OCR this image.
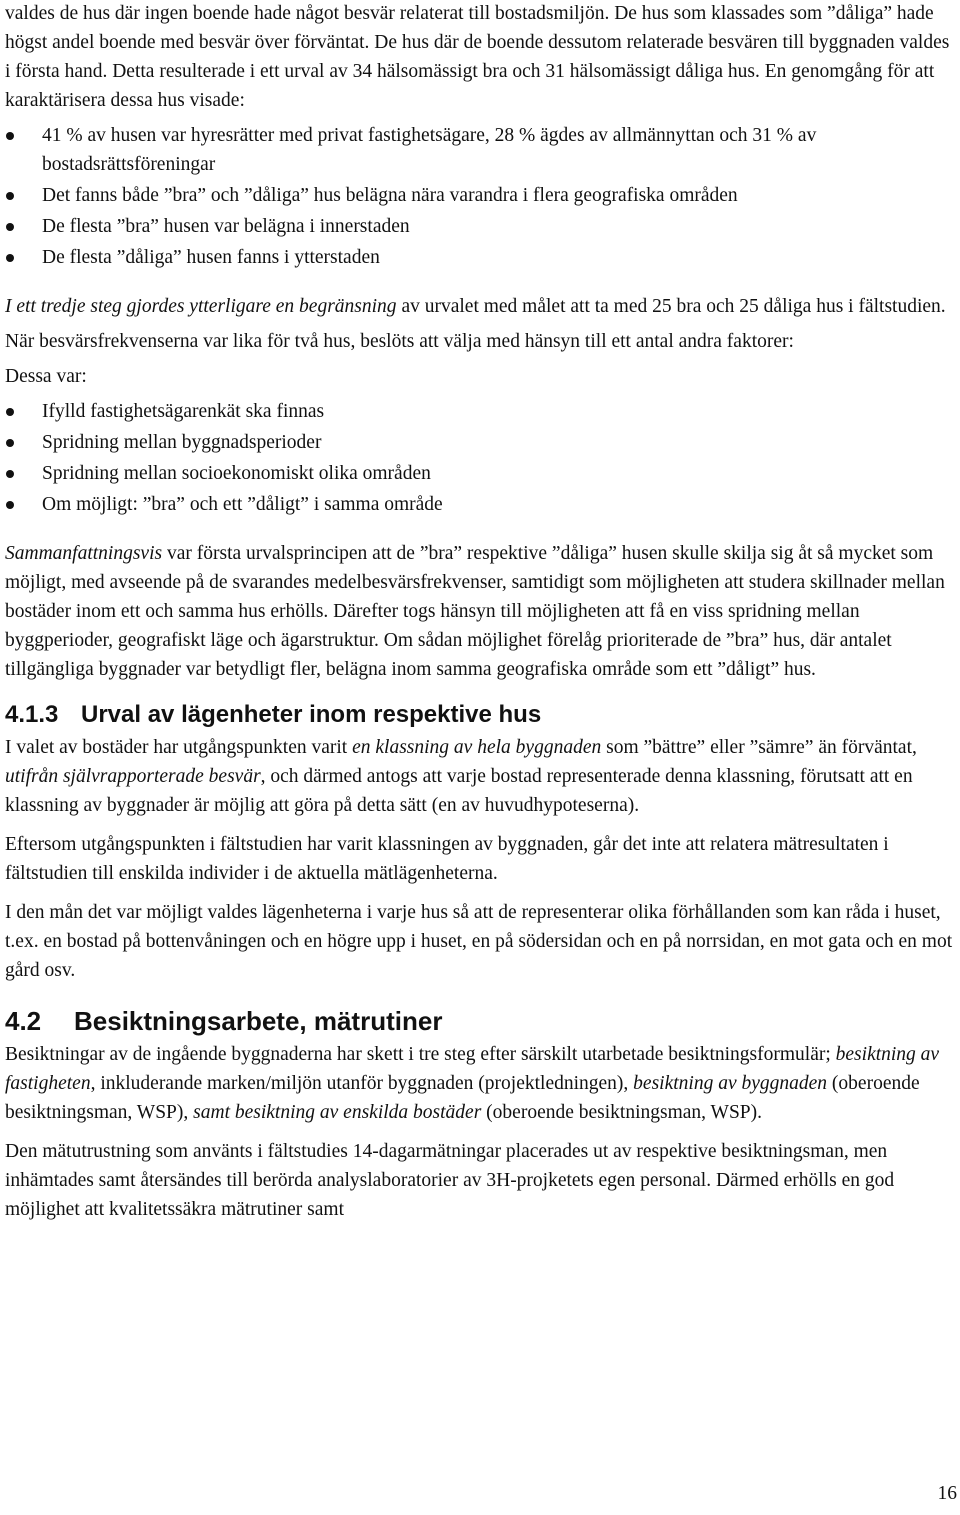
valdes de hus där ingen boende hade något besvär relaterat till bostadsmiljön. De hus som klassades som ”dåliga” hade högst andel boende med besvär över förväntat. De hus där de boende dessutom relaterade besvären till byggnaden valdes i första hand. Detta resulterade i ett urval av 34 hälsomässigt bra och 31 hälsomässigt dåliga hus. En genomgång för att karaktärisera dessa hus visade:

41 % av husen var hyresrätter med privat fastighetsägare, 28 % ägdes av allmännyttan och 31 % av bostadsrättsföreningar
Det fanns både ”bra” och ”dåliga” hus belägna nära varandra i flera geografiska områden
De flesta ”bra” husen var belägna i innerstaden
De flesta ”dåliga” husen fanns i ytterstaden

I ett tredje steg gjordes ytterligare en begränsning av urvalet med målet att ta med 25 bra och 25 dåliga hus i fältstudien.

När besvärsfrekvenserna var lika för två hus, beslöts att välja med hänsyn till ett antal andra faktorer:

Dessa var:

Ifylld fastighetsägarenkät ska finnas
Spridning mellan byggnadsperioder
Spridning mellan socioekonomiskt olika områden
Om möjligt: ”bra” och ett ”dåligt” i samma område

Sammanfattningsvis var första urvalsprincipen att de ”bra” respektive ”dåliga” husen skulle skilja sig åt så mycket som möjligt, med avseende på de svarandes medelbesvärsfrekvenser, samtidigt som möjligheten att studera skillnader mellan bostäder inom ett och samma hus erhölls. Därefter togs hänsyn till möjligheten att få en viss spridning mellan byggperioder, geografiskt läge och ägarstruktur. Om sådan möjlighet förelåg prioriterade de ”bra” hus, där antalet tillgängliga byggnader var betydligt fler, belägna inom samma geografiska område som ett ”dåligt” hus.

4.1.3 Urval av lägenheter inom respektive hus

I valet av bostäder har utgångspunkten varit en klassning av hela byggnaden som ”bättre” eller ”sämre” än förväntat, utifrån självrapporterade besvär, och därmed antogs att varje bostad representerade denna klassning, förutsatt att en klassning av byggnader är möjlig att göra på detta sätt (en av huvudhypoteserna).

Eftersom utgångspunkten i fältstudien har varit klassningen av byggnaden, går det inte att relatera mätresultaten i fältstudien till enskilda individer i de aktuella mätlägenheterna.

I den mån det var möjligt valdes lägenheterna i varje hus så att de representerar olika förhållanden som kan råda i huset, t.ex. en bostad på bottenvåningen och en högre upp i huset, en på södersidan och en på norrsidan, en mot gata och en mot gård osv.

4.2 Besiktningsarbete, mätrutiner

Besiktningar av de ingående byggnaderna har skett i tre steg efter särskilt utarbetade besiktningsformulär; besiktning av fastigheten, inkluderande marken/miljön utanför byggnaden (projektledningen), besiktning av byggnaden (oberoende besiktningsman, WSP), samt besiktning av enskilda bostäder (oberoende besiktningsman, WSP).

Den mätutrustning som använts i fältstudies 14-dagarmätningar placerades ut av respektive besiktningsman, men inhämtades samt återsändes till berörda analyslaboratorier av 3H-projketets egen personal. Därmed erhölls en god möjlighet att kvalitetssäkra mätrutiner samt

16
